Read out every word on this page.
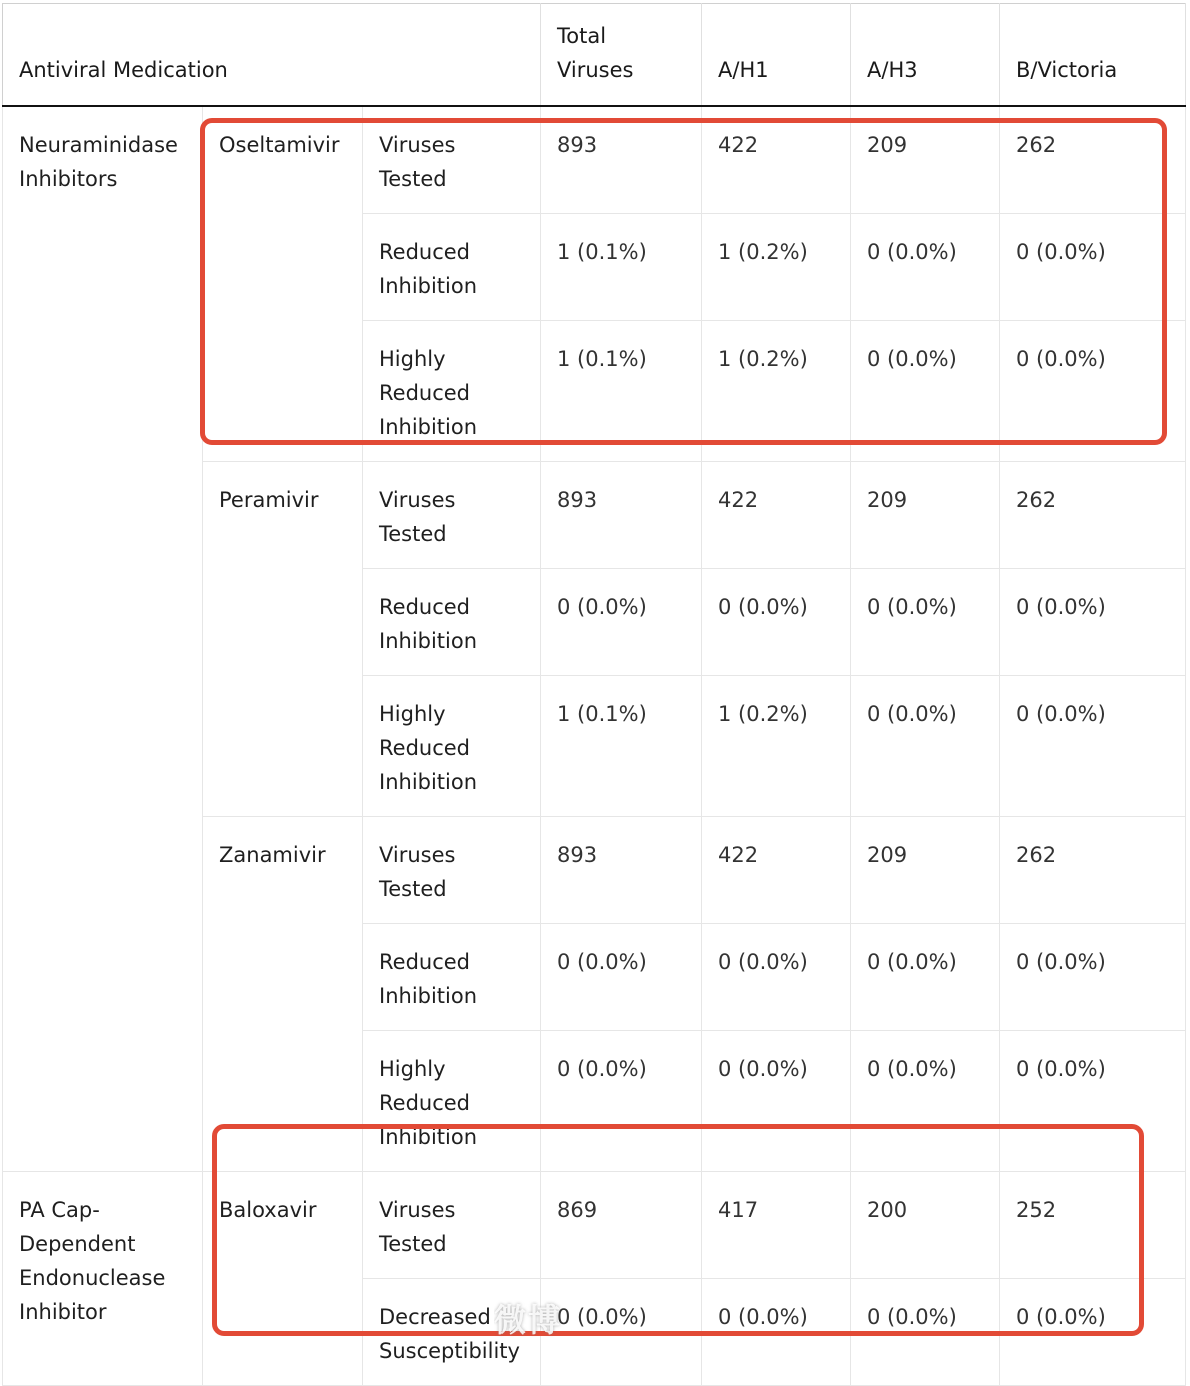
Antiviral Medication			Total Viruses	A/H1	A/H3	B/Victoria
Neuraminidase Inhibitors	Oseltamivir	Viruses Tested	893	422	209	262
		Reduced Inhibition	1 (0.1%)	1 (0.2%)	0 (0.0%)	0 (0.0%)
		Highly Reduced Inhibition	1 (0.1%)	1 (0.2%)	0 (0.0%)	0 (0.0%)
	Peramivir	Viruses Tested	893	422	209	262
		Reduced Inhibition	0 (0.0%)	0 (0.0%)	0 (0.0%)	0 (0.0%)
		Highly Reduced Inhibition	1 (0.1%)	1 (0.2%)	0 (0.0%)	0 (0.0%)
	Zanamivir	Viruses Tested	893	422	209	262
		Reduced Inhibition	0 (0.0%)	0 (0.0%)	0 (0.0%)	0 (0.0%)
		Highly Reduced Inhibition	0 (0.0%)	0 (0.0%)	0 (0.0%)	0 (0.0%)
PA Cap-Dependent Endonuclease Inhibitor	Baloxavir	Viruses Tested	869	417	200	252
		Decreased Susceptibility	0 (0.0%)	0 (0.0%)	0 (0.0%)	0 (0.0%)
微博
